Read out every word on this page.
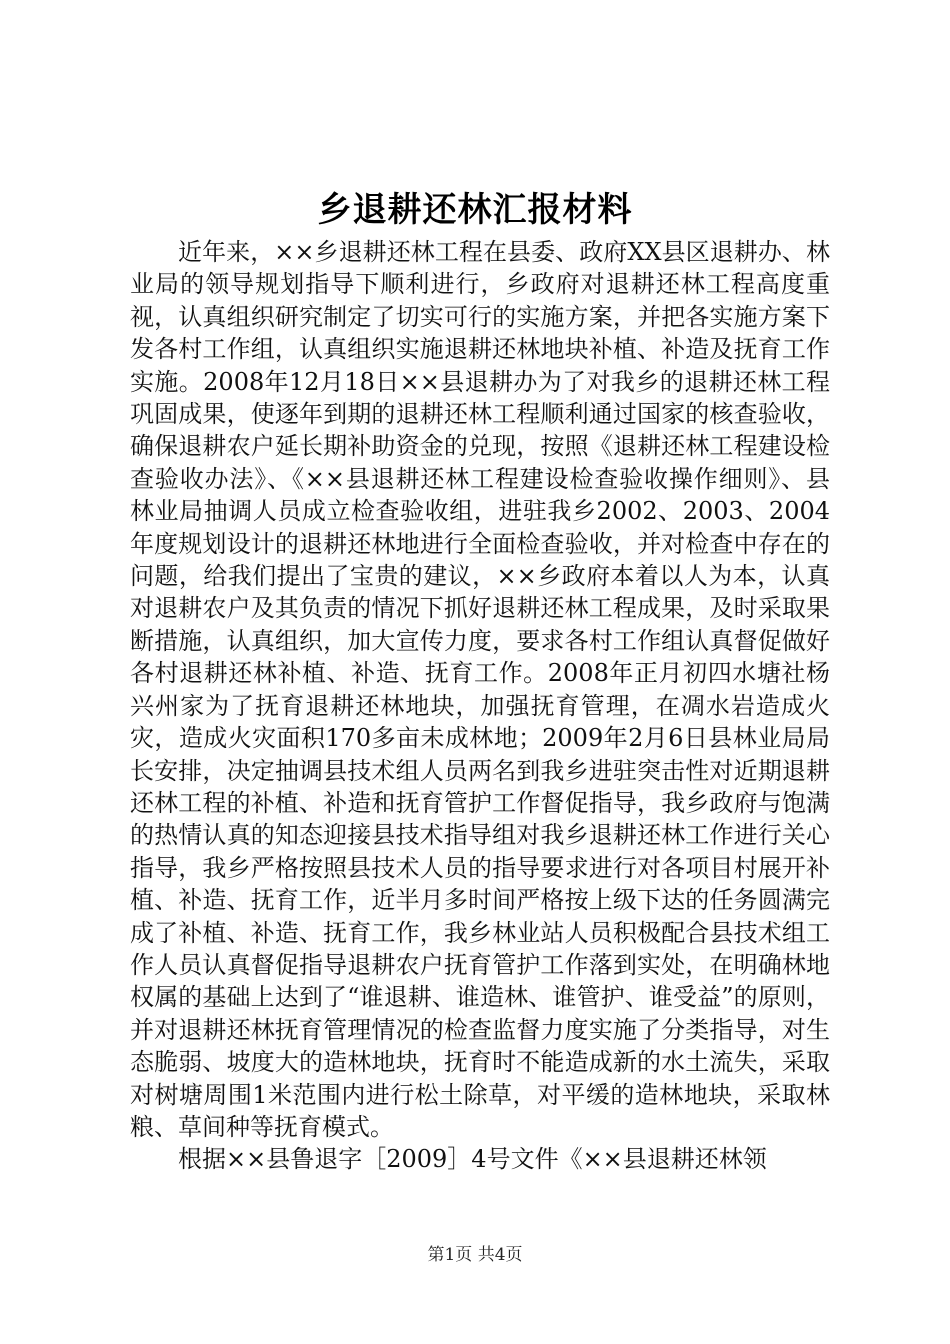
乡退耕还林汇报材料

近年来，××乡退耕还林工程在县委、政府XX县区退耕办、林业局的领导规划指导下顺利进行，乡政府对退耕还林工程高度重视，认真组织研究制定了切实可行的实施方案，并把各实施方案下发各村工作组，认真组织实施退耕还林地块补植、补造及抚育工作实施。2008年12月18日××县退耕办为了对我乡的退耕还林工程巩固成果，使逐年到期的退耕还林工程顺利通过国家的核查验收，确保退耕农户延长期补助资金的兑现，按照《退耕还林工程建设检查验收办法》、《××县退耕还林工程建设检查验收操作细则》、县林业局抽调人员成立检查验收组，进驻我乡2002、2003、2004年度规划设计的退耕还林地进行全面检查验收，并对检查中存在的问题，给我们提出了宝贵的建议，××乡政府本着以人为本，认真对退耕农户及其负责的情况下抓好退耕还林工程成果，及时采取果断措施，认真组织，加大宣传力度，要求各村工作组认真督促做好各村退耕还林补植、补造、抚育工作。2008年正月初四水塘社杨兴州家为了抚育退耕还林地块，加强抚育管理，在凋水岩造成火灾，造成火灾面积170多亩未成林地；2009年2月6日县林业局局长安排，决定抽调县技术组人员两名到我乡进驻突击性对近期退耕还林工程的补植、补造和抚育管护工作督促指导，我乡政府与饱满的热情认真的知态迎接县技术指导组对我乡退耕还林工作进行关心指导，我乡严格按照县技术人员的指导要求进行对各项目村展开补植、补造、抚育工作，近半月多时间严格按上级下达的任务圆满完成了补植、补造、抚育工作，我乡林业站人员积极配合县技术组工作人员认真督促指导退耕农户抚育管护工作落到实处，在明确林地权属的基础上达到了“谁退耕、谁造林、谁管护、谁受益”的原则，并对退耕还林抚育管理情况的检查监督力度实施了分类指导，对生态脆弱、坡度大的造林地块，抚育时不能造成新的水土流失，采取对树塘周围1米范围内进行松土除草，对平缓的造林地块，采取林粮、草间种等抚育模式。

根据××县鲁退字［2009］4号文件《××县退耕还林领

第1页 共4页
